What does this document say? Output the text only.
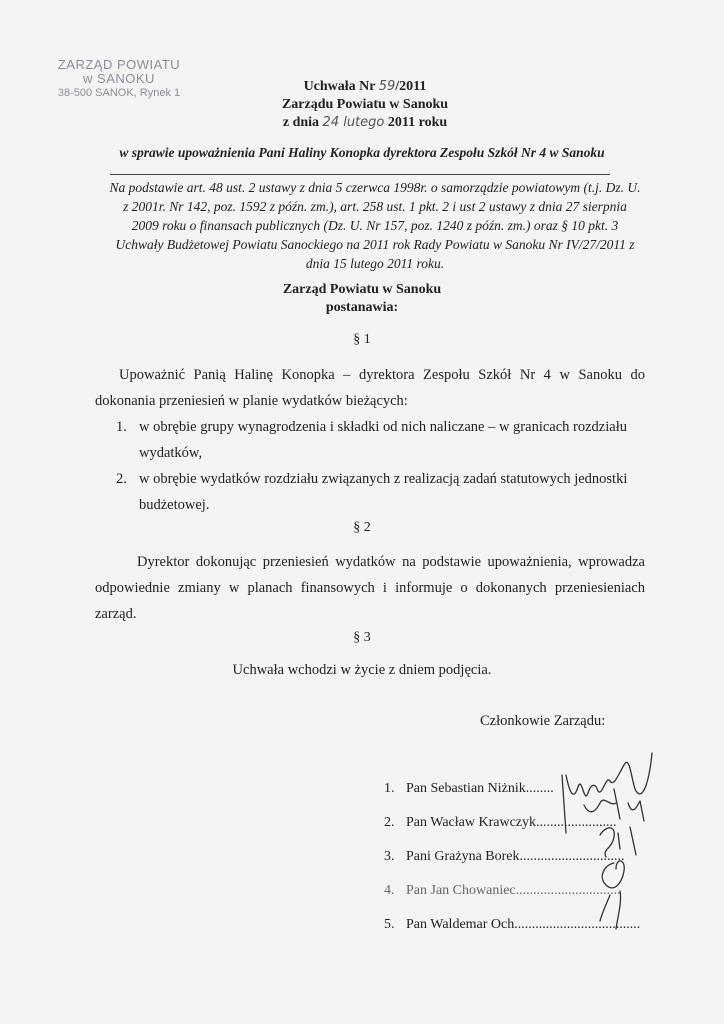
ZARZĄD POWIATU
w SANOKU
38-500 SANOK, Rynek 1	Uchwała Nr 59/2011
Zarządu Powiatu w Sanoku
z dnia 24 lutego 2011 roku
w sprawie upoważnienia Pani Haliny Konopka dyrektora Zespołu Szkół Nr 4 w Sanoku
Na podstawie art. 48 ust. 2 ustawy z dnia 5 czerwca 1998r. o samorządzie powiatowym (t.j. Dz. U. z 2001r. Nr 142, poz. 1592 z późn. zm.), art. 258 ust. 1 pkt. 2 i ust 2 ustawy z dnia 27 sierpnia 2009 roku o finansach publicznych (Dz. U. Nr 157, poz. 1240 z późn. zm.) oraz § 10 pkt. 3 Uchwały Budżetowej Powiatu Sanockiego na 2011 rok Rady Powiatu w Sanoku Nr IV/27/2011 z dnia 15 lutego 2011 roku.
Zarząd Powiatu w Sanoku
postanawia:
§ 1
Upoważnić Panią Halinę Konopka – dyrektora Zespołu Szkół Nr 4 w Sanoku do dokonania przeniesień w planie wydatków bieżących:
1. w obrębie grupy wynagrodzenia i składki od nich naliczane – w granicach rozdziału wydatków,
2. w obrębie wydatków rozdziału związanych z realizacją zadań statutowych jednostki budżetowej.
§ 2
Dyrektor dokonując przeniesień wydatków na podstawie upoważnienia, wprowadza odpowiednie zmiany w planach finansowych i informuje o dokonanych przeniesieniach zarząd.
§ 3
Uchwała wchodzi w życie z dniem podjęcia.
Członkowie Zarządu:
1. Pan Sebastian Niżnik........
2. Pan Wacław Krawczyk.......................
3. Pani Grażyna Borek..............................
4. Pan Jan Chowaniec..............................
5. Pan Waldemar Och....................................
